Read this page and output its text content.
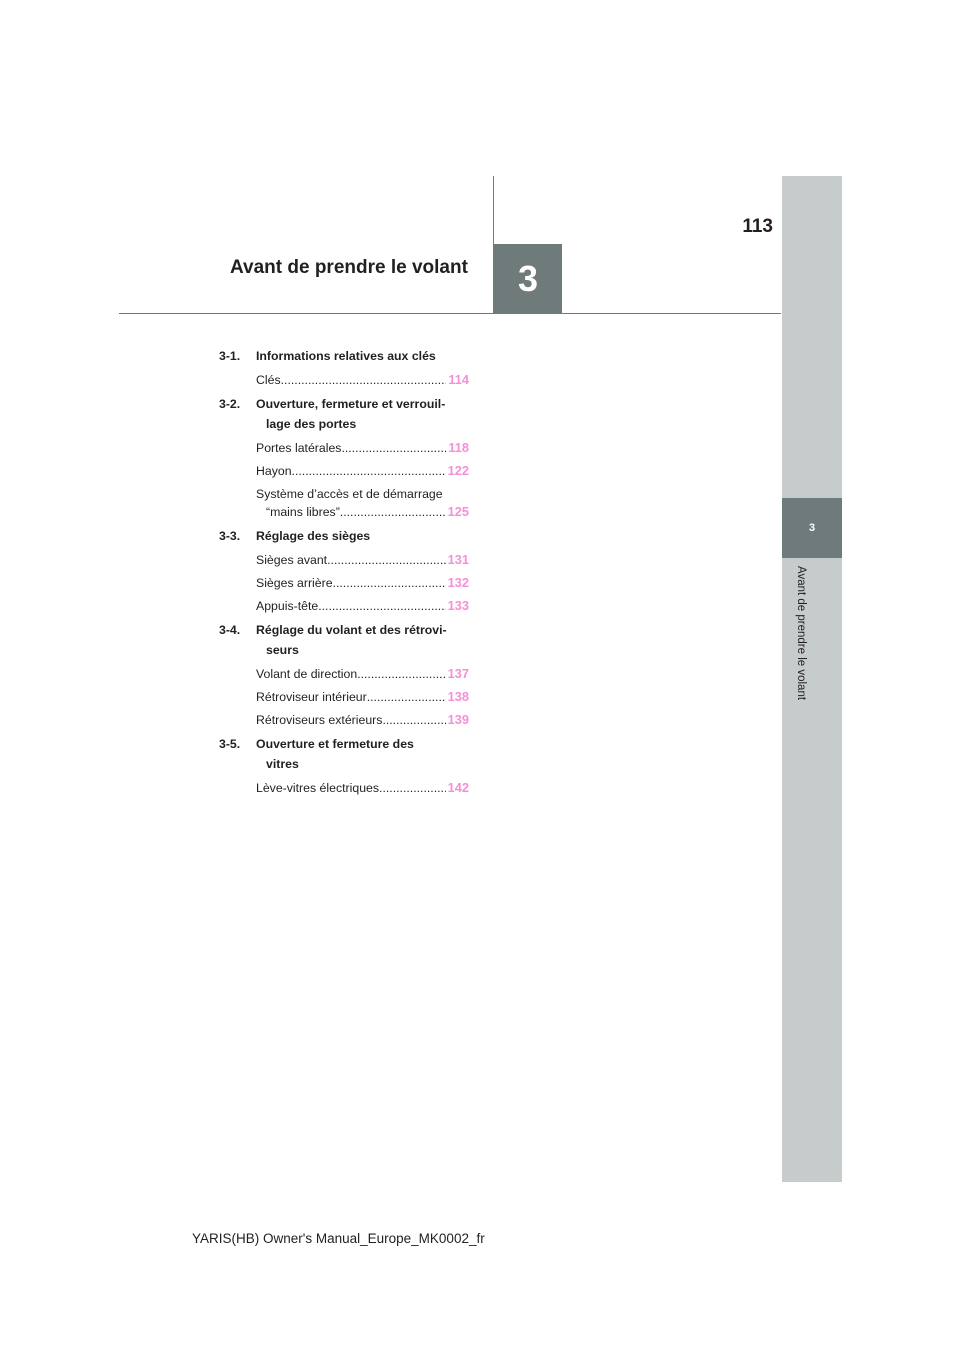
Avant de prendre le volant 3
113
3
Avant de prendre le volant
3-1.	Informations relatives aux clés
Clés .....	114
3-2.	Ouverture, fermeture et verrouil-
lage des portes
Portes latérales .....	118
Hayon .....	122
Système d’accès et de démarrage
“mains libres” .....	125
3-3.	Réglage des sièges
Sièges avant .....	131
Sièges arrière .....	132
Appuis-tête .....	133
3-4.	Réglage du volant et des rétrovi-
seurs
Volant de direction .....	137
Rétroviseur intérieur .....	138
Rétroviseurs extérieurs .....	139
3-5.	Ouverture et fermeture des
vitres
Lève-vitres électriques .....	142
YARIS(HB) Owner's Manual_Europe_MK0002_fr
